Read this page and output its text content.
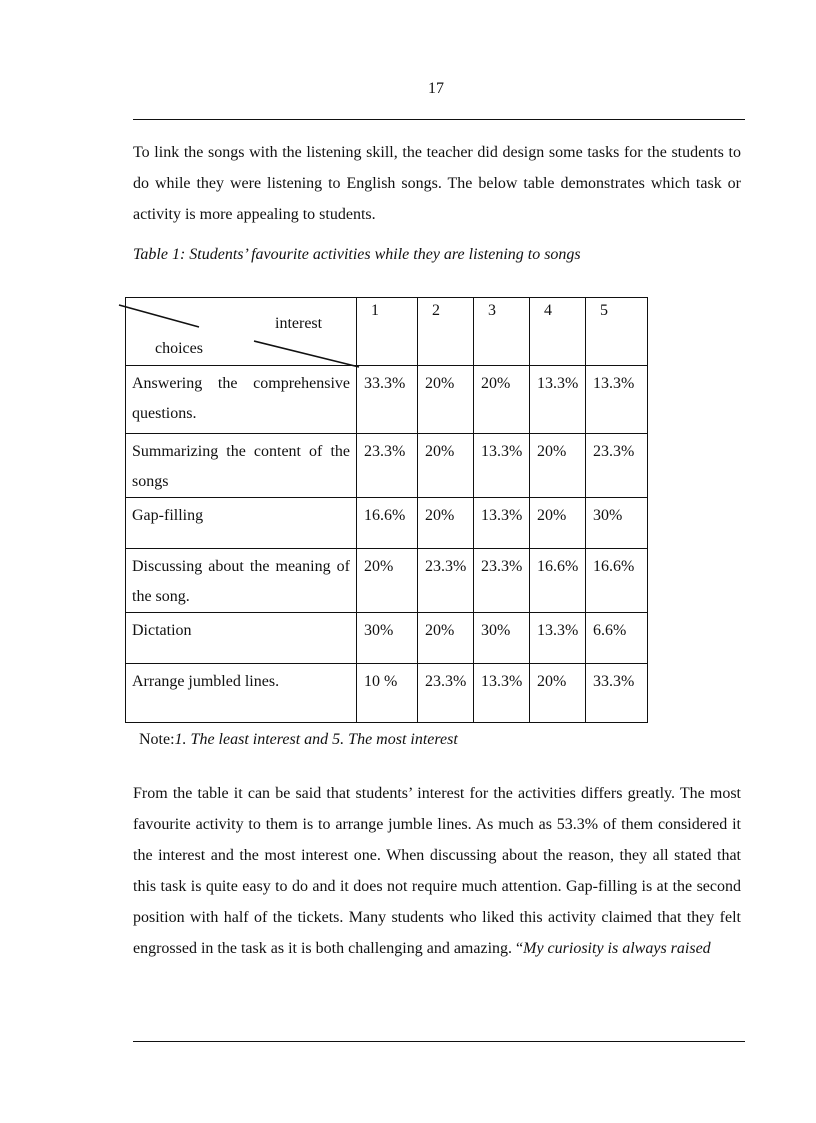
17

To link the songs with the listening skill, the teacher did design some tasks for the students to do while they were listening to English songs. The below table demonstrates which task or activity is more appealing to students.

Table 1: Students’ favourite activities while they are listening to songs

interest
choices	1	2	3	4	5
Answering the comprehensive questions.	33.3%	20%	20%	13.3%	13.3%
Summarizing the content of the songs	23.3%	20%	13.3%	20%	23.3%
Gap-filling	16.6%	20%	13.3%	20%	30%
Discussing about the meaning of the song.	20%	23.3%	23.3%	16.6%	16.6%
Dictation	30%	20%	30%	13.3%	6.6%
Arrange jumbled lines.	10 %	23.3%	13.3%	20%	33.3%

Note:1. The least interest and 5. The most interest

From the table it can be said that students’ interest for the activities differs greatly. The most favourite activity to them is to arrange jumble lines. As much as 53.3% of them considered it the interest and the most interest one. When discussing about the reason, they all stated that this task is quite easy to do and it does not require much attention. Gap-filling is at the second position with half of the tickets. Many students who liked this activity claimed that they felt engrossed in the task as it is both challenging and amazing. “My curiosity is always raised
